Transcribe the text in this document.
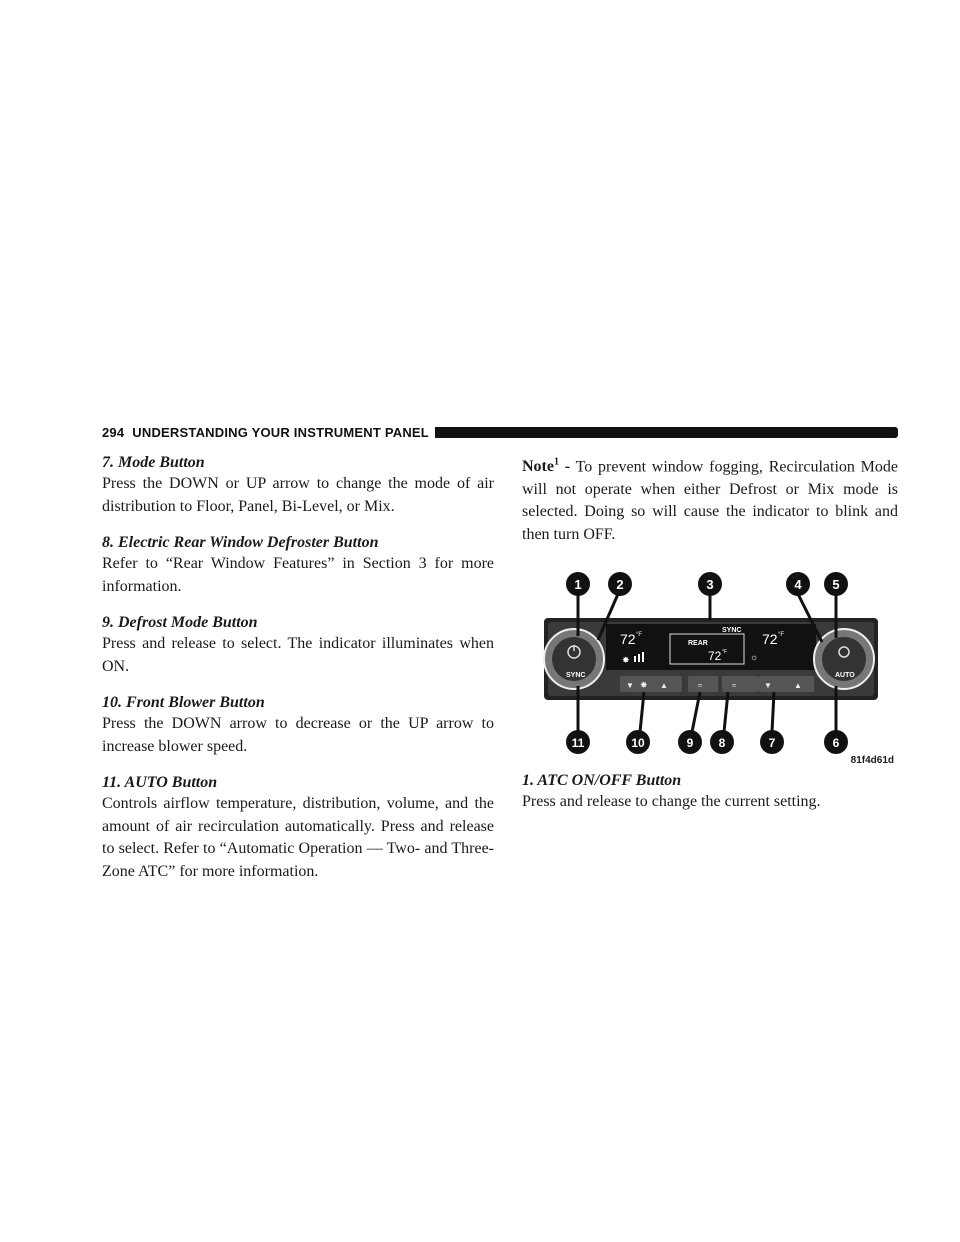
294 UNDERSTANDING YOUR INSTRUMENT PANEL
7. Mode Button
Press the DOWN or UP arrow to change the mode of air distribution to Floor, Panel, Bi-Level, or Mix.
8. Electric Rear Window Defroster Button
Refer to “Rear Window Features” in Section 3 for more information.
9. Defrost Mode Button
Press and release to select. The indicator illuminates when ON.
10. Front Blower Button
Press the DOWN arrow to decrease or the UP arrow to increase blower speed.
11. AUTO Button
Controls airflow temperature, distribution, volume, and the amount of air recirculation automatically. Press and release to select. Refer to “Automatic Operation — Two- and Three-Zone ATC” for more information.
Note$^1$ - To prevent window fogging, Recirculation Mode will not operate when either Defrost or Mix mode is selected. Doing so will cause the indicator to blink and then turn OFF.
▼ ✸ ▲	▼	▲
≈	≈
SYNC	AUTO
REAR
SYNC
72 °F
72 °F
72 °F
✸	☼
1	2	3	4 5
11	10	9 8	7	6
81f4d61d
1. ATC ON/OFF Button
Press and release to change the current setting.
